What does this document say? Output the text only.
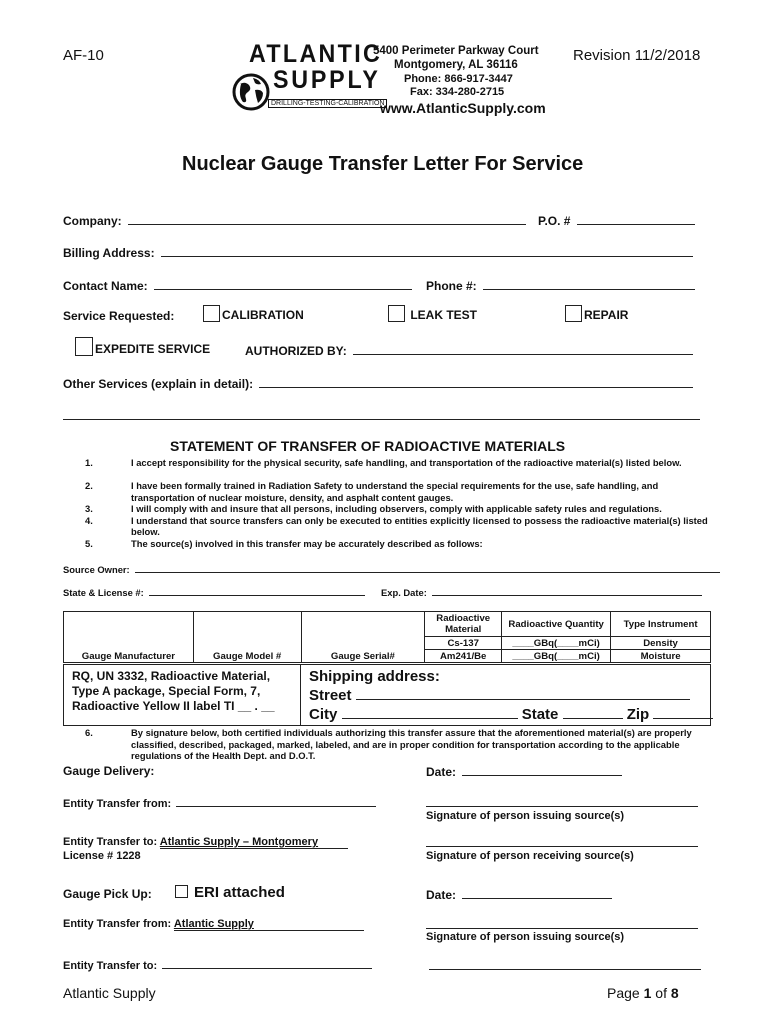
AF-10	Revision 11/2/2018
ATLANTIC
SUPPLY
DRILLING-TESTING-CALIBRATION
5400 Perimeter Parkway Court
Montgomery, AL 36116
Phone: 866-917-3447
Fax: 334-280-2715
www.AtlanticSupply.com
Nuclear Gauge Transfer Letter For Service
Company:	P.O. #
Billing Address:
Contact Name:	Phone #:
Service Requested:	CALIBRATION	LEAK TEST	REPAIR
EXPEDITE SERVICE	AUTHORIZED BY:
Other Services (explain in detail):
STATEMENT OF TRANSFER OF RADIOACTIVE MATERIALS
1.	I accept responsibility for the physical security, safe handling, and transportation of the radioactive material(s) listed below.
2.	I have been formally trained in Radiation Safety to understand the special requirements for the use, safe handling, and transportation of nuclear moisture, density, and asphalt content gauges.
3.	I will comply with and insure that all persons, including observers, comply with applicable safety rules and regulations.
4.	I understand that source transfers can only be executed to entities explicitly licensed to possess the radioactive material(s) listed below.
5.	The source(s) involved in this transfer may be accurately described as follows:
Source Owner:
State & License #:	Exp. Date:
Gauge Manufacturer	Gauge Model #	Gauge Serial#	Radioactive Material	Radioactive Quantity	Type Instrument
			Cs-137	____GBq(____mCi)	Density
			Am241/Be	____GBq(____mCi)	Moisture
RQ, UN 3332, Radioactive Material,
Type A package, Special Form, 7,
Radioactive Yellow II label TI __ . __
Shipping address:
Street
City	State	Zip
6.	By signature below, both certified individuals authorizing this transfer assure that the aforementioned material(s) are properly classified, described, packaged, marked, labeled, and are in proper condition for transportation according to the applicable regulations of the Health Dept. and D.O.T.
Gauge Delivery:	Date:
Entity Transfer from:
Signature of person issuing source(s)
Entity Transfer to: Atlantic Supply – Montgomery
License # 1228	Signature of person receiving source(s)
Gauge Pick Up:	ERI attached	Date:
Entity Transfer from: Atlantic Supply
Signature of person issuing source(s)
Entity Transfer to:
Atlantic Supply	Page 1 of 8
